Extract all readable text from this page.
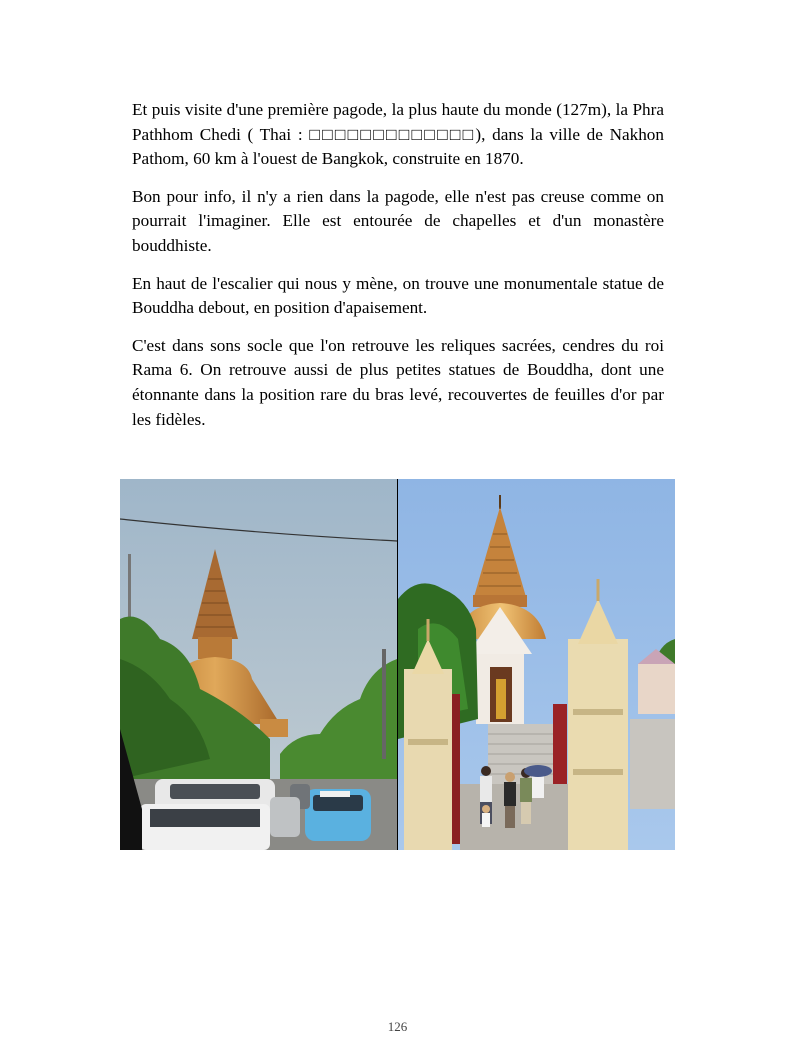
Et puis visite d'une première pagode, la plus haute du monde (127m), la Phra Pathhom Chedi ( Thai : □□□□□□□□□□□□□), dans la ville de Nakhon Pathom, 60 km à l'ouest de Bangkok, construite en 1870.

Bon pour info, il n'y a rien dans la pagode, elle n'est pas creuse comme on pourrait l'imaginer. Elle est entourée de chapelles et d'un monastère bouddhiste.

En haut de l'escalier qui nous y mène, on trouve une monumentale statue de Bouddha debout, en position d'apaisement.

C'est dans sons socle que l'on retrouve les reliques sacrées, cendres du roi Rama 6. On retrouve aussi de plus petites statues de Bouddha, dont une étonnante dans la position rare du bras levé, recouvertes de feuilles d'or par les fidèles.

126
